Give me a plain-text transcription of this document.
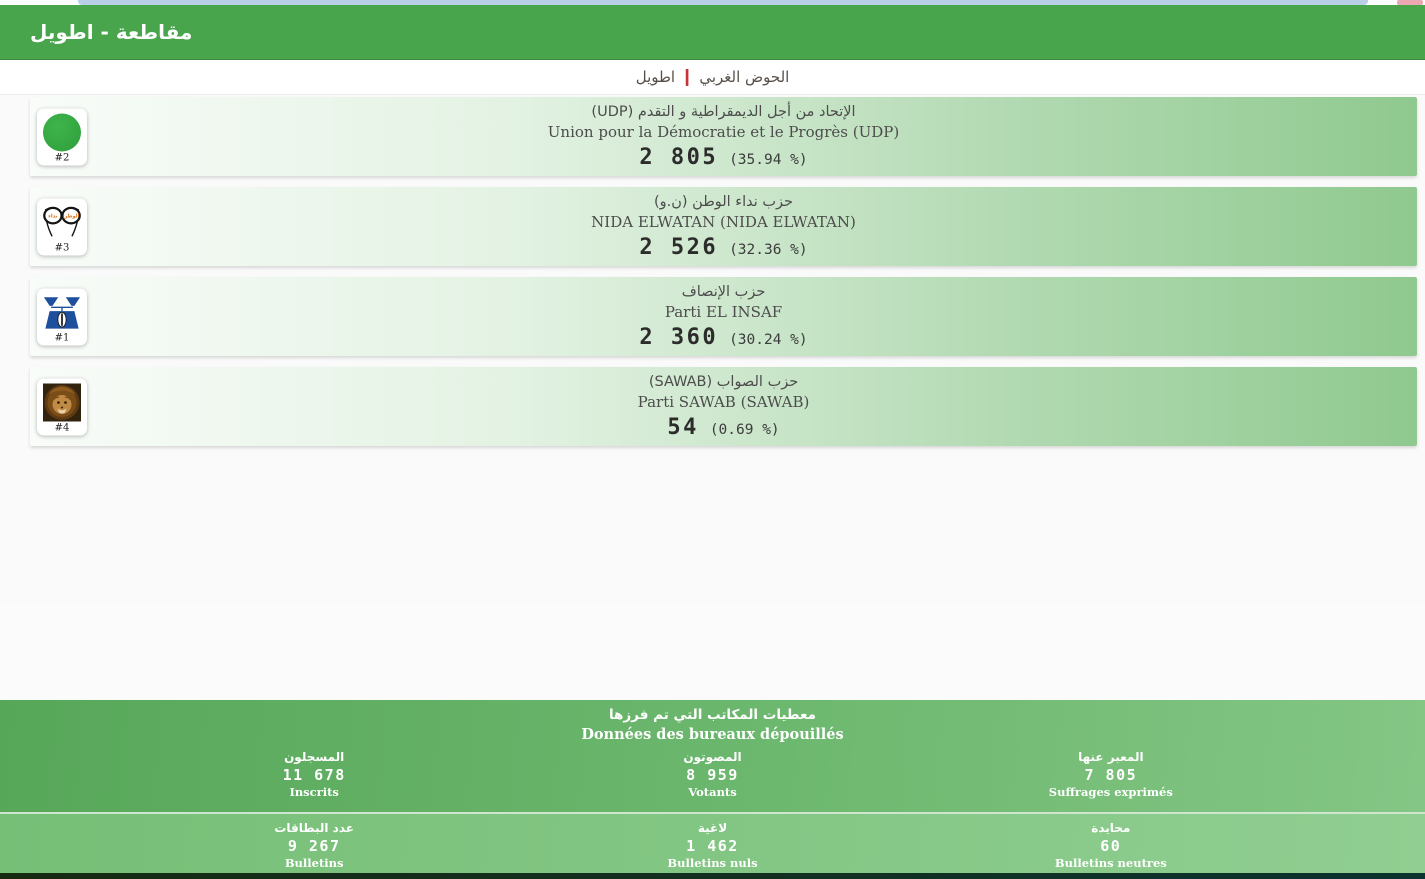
مقاطعة - اطويل
الحوض الغربي
|
اطويل
#2
الإتحاد من أجل الديمقراطية و التقدم (UDP)
Union pour la Démocratie et le Progrès (UDP)
2 805 (35.94 %)
نداء الوطن
#3
حزب نداء الوطن (ن.و)
NIDA ELWATAN (NIDA ELWATAN)
2 526 (32.36 %)
#1
حزب الإنصاف
Parti EL INSAF
2 360 (30.24 %)
#4
حزب الصواب (SAWAB)
Parti SAWAB (SAWAB)
54 (0.69 %)
معطيات المكاتب التي تم فرزها
Données des bureaux dépouillés
المسجلون
11 678
Inscrits
المصوتون
8 959
Votants
المعبر عنها
7 805
Suffrages exprimés
عدد البطاقات
9 267
Bulletins
لاغية
1 462
Bulletins nuls
محايدة
60
Bulletins neutres
